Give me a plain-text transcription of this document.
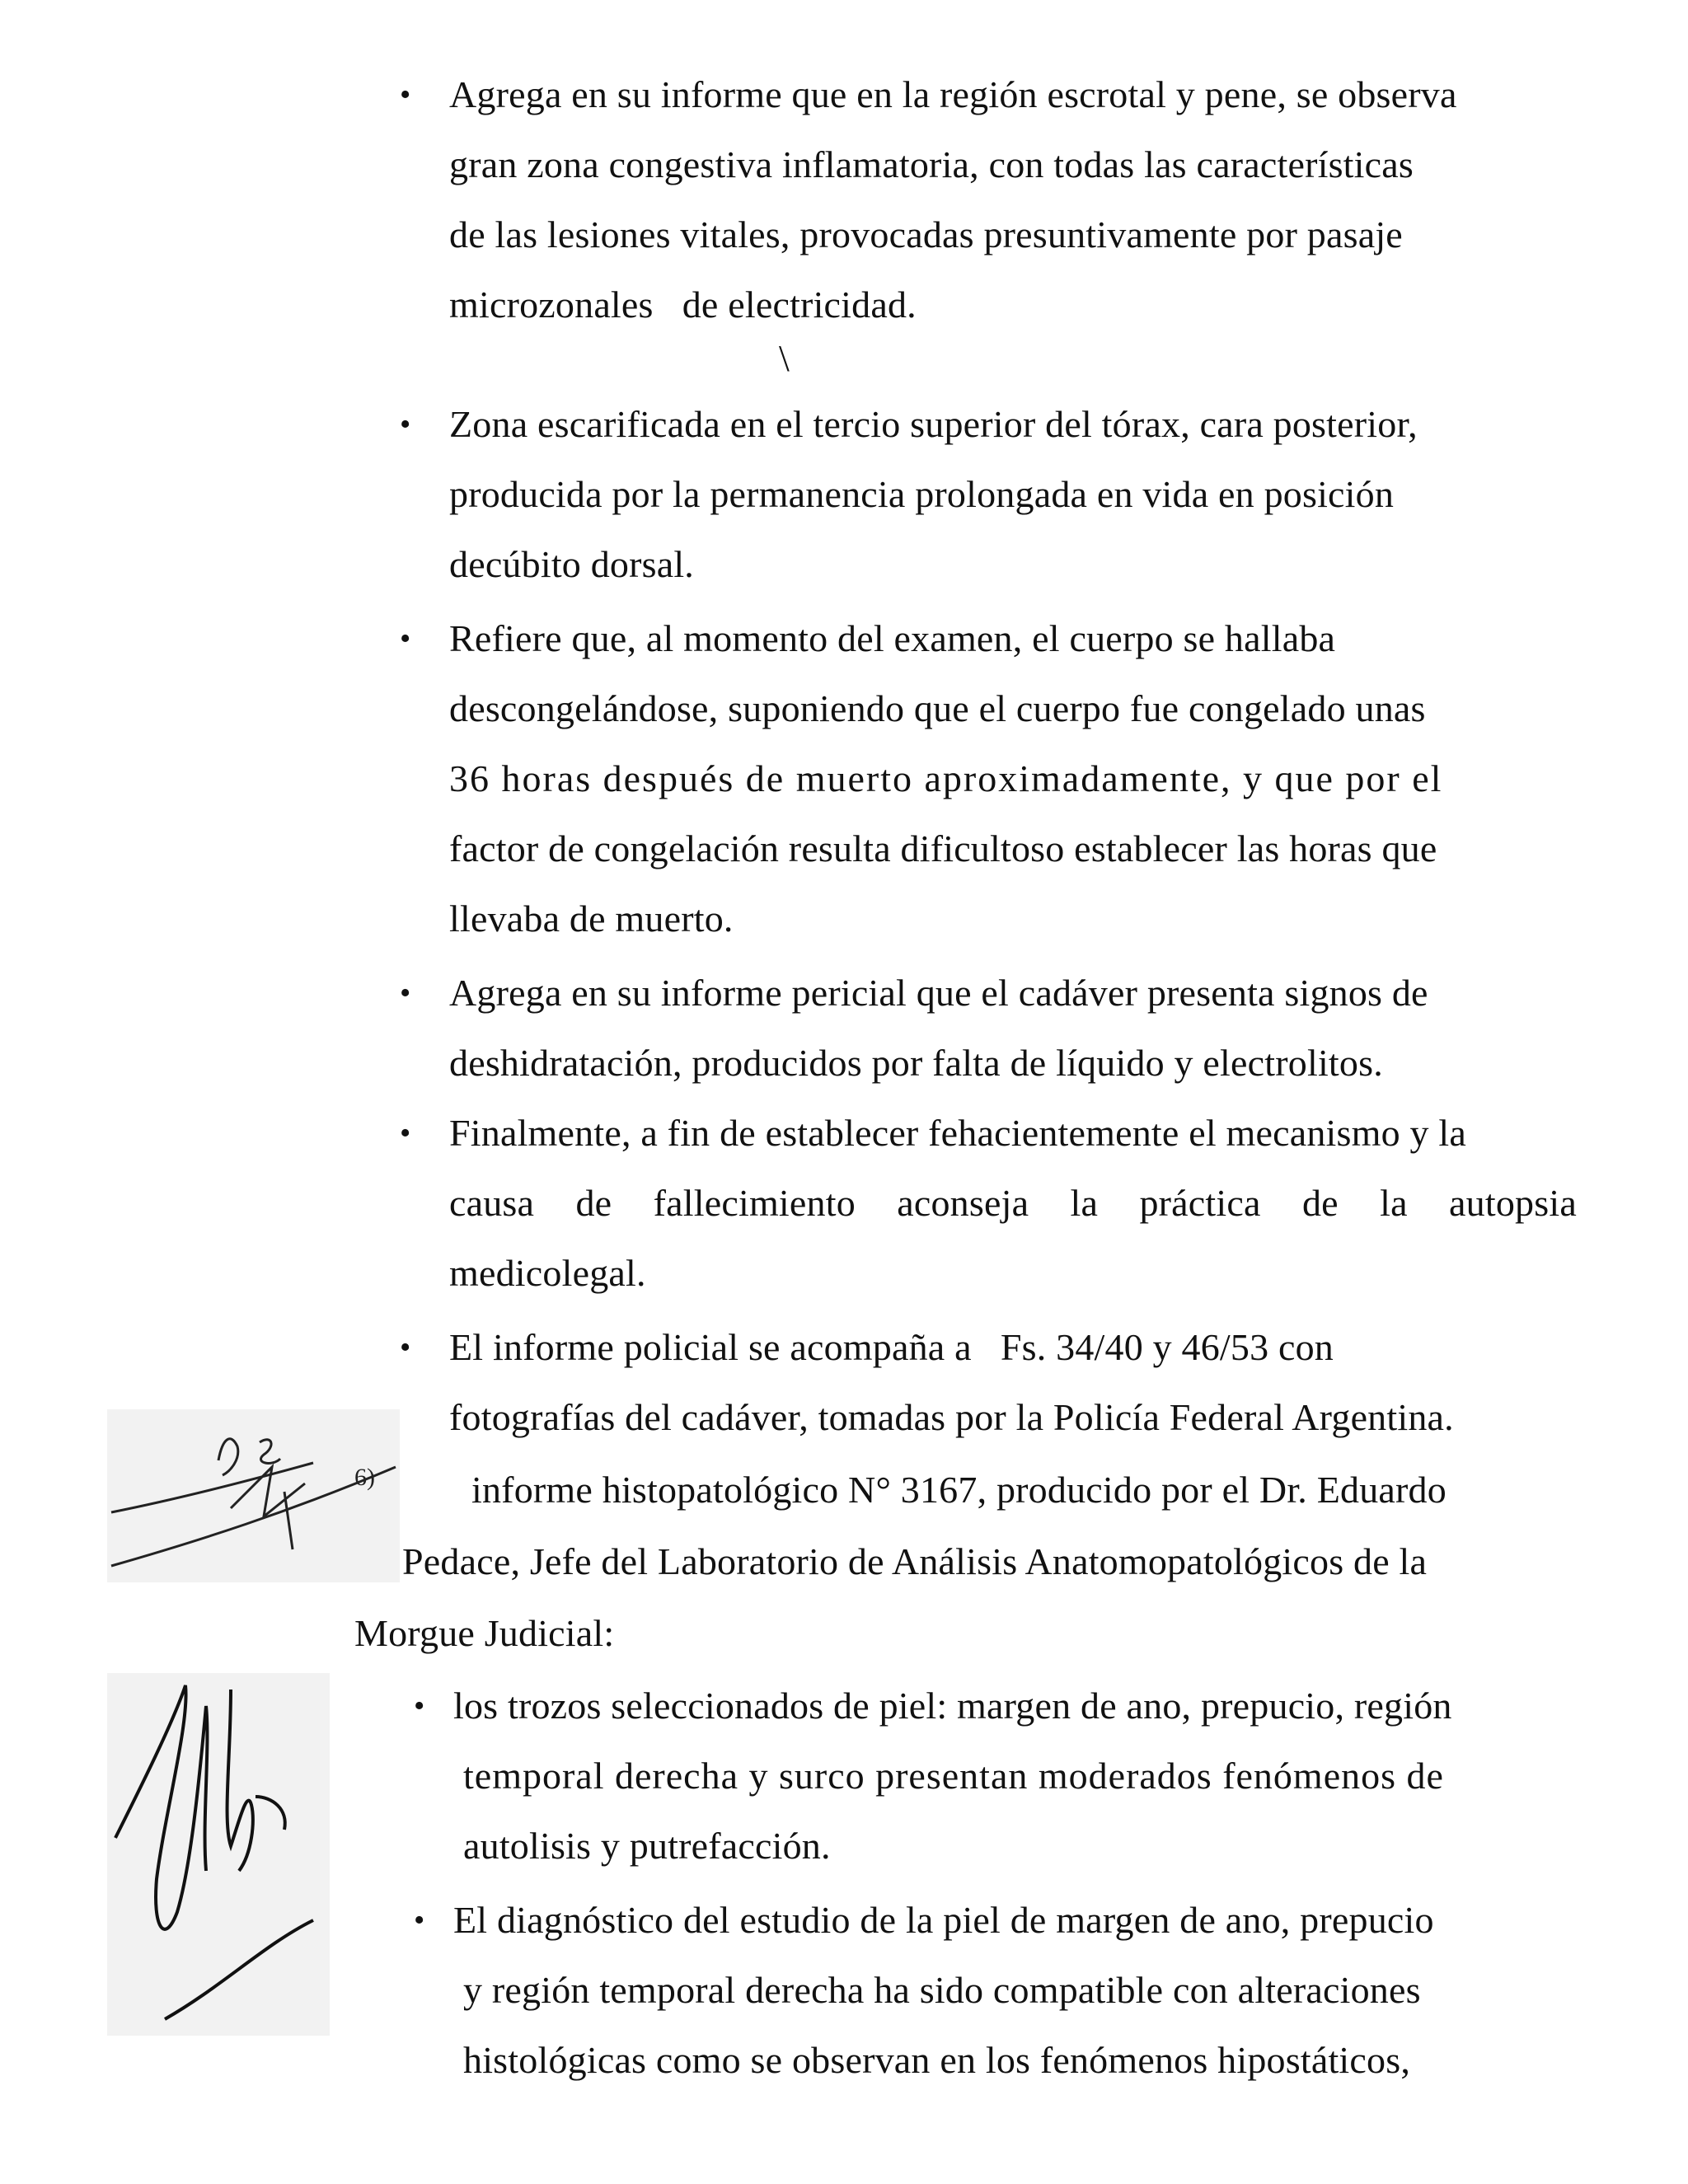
• Agrega en su informe que en la región escrotal y pene, se observa
gran zona congestiva inflamatoria, con todas las características
de las lesiones vitales, provocadas presuntivamente por pasaje
microzonales   de electricidad.
\
• Zona escarificada en el tercio superior del tórax, cara posterior,
producida por la permanencia prolongada en vida en posición
decúbito dorsal.
• Refiere que, al momento del examen, el cuerpo se hallaba
descongelándose, suponiendo que el cuerpo fue congelado unas
36 horas después de muerto aproximadamente, y que por el
factor de congelación resulta dificultoso establecer las horas que
llevaba de muerto.
• Agrega en su informe pericial que el cadáver presenta signos de
deshidratación, producidos por falta de líquido y electrolitos.
• Finalmente, a fin de establecer fehacientemente el mecanismo y la
causa de fallecimiento aconseja la práctica de la autopsia
medicolegal.
• El informe policial se acompaña a   Fs. 34/40 y 46/53 con
fotografías del cadáver, tomadas por la Policía Federal Argentina.
informe histopatológico N° 3167, producido por el Dr. Eduardo
Pedace, Jefe del Laboratorio de Análisis Anatomopatológicos de la
Morgue Judicial:
• los trozos seleccionados de piel: margen de ano, prepucio, región
temporal derecha y surco presentan moderados fenómenos de
autolisis y putrefacción.
• El diagnóstico del estudio de la piel de margen de ano, prepucio
y región temporal derecha ha sido compatible con alteraciones
histológicas como se observan en los fenómenos hipostáticos,
6)
